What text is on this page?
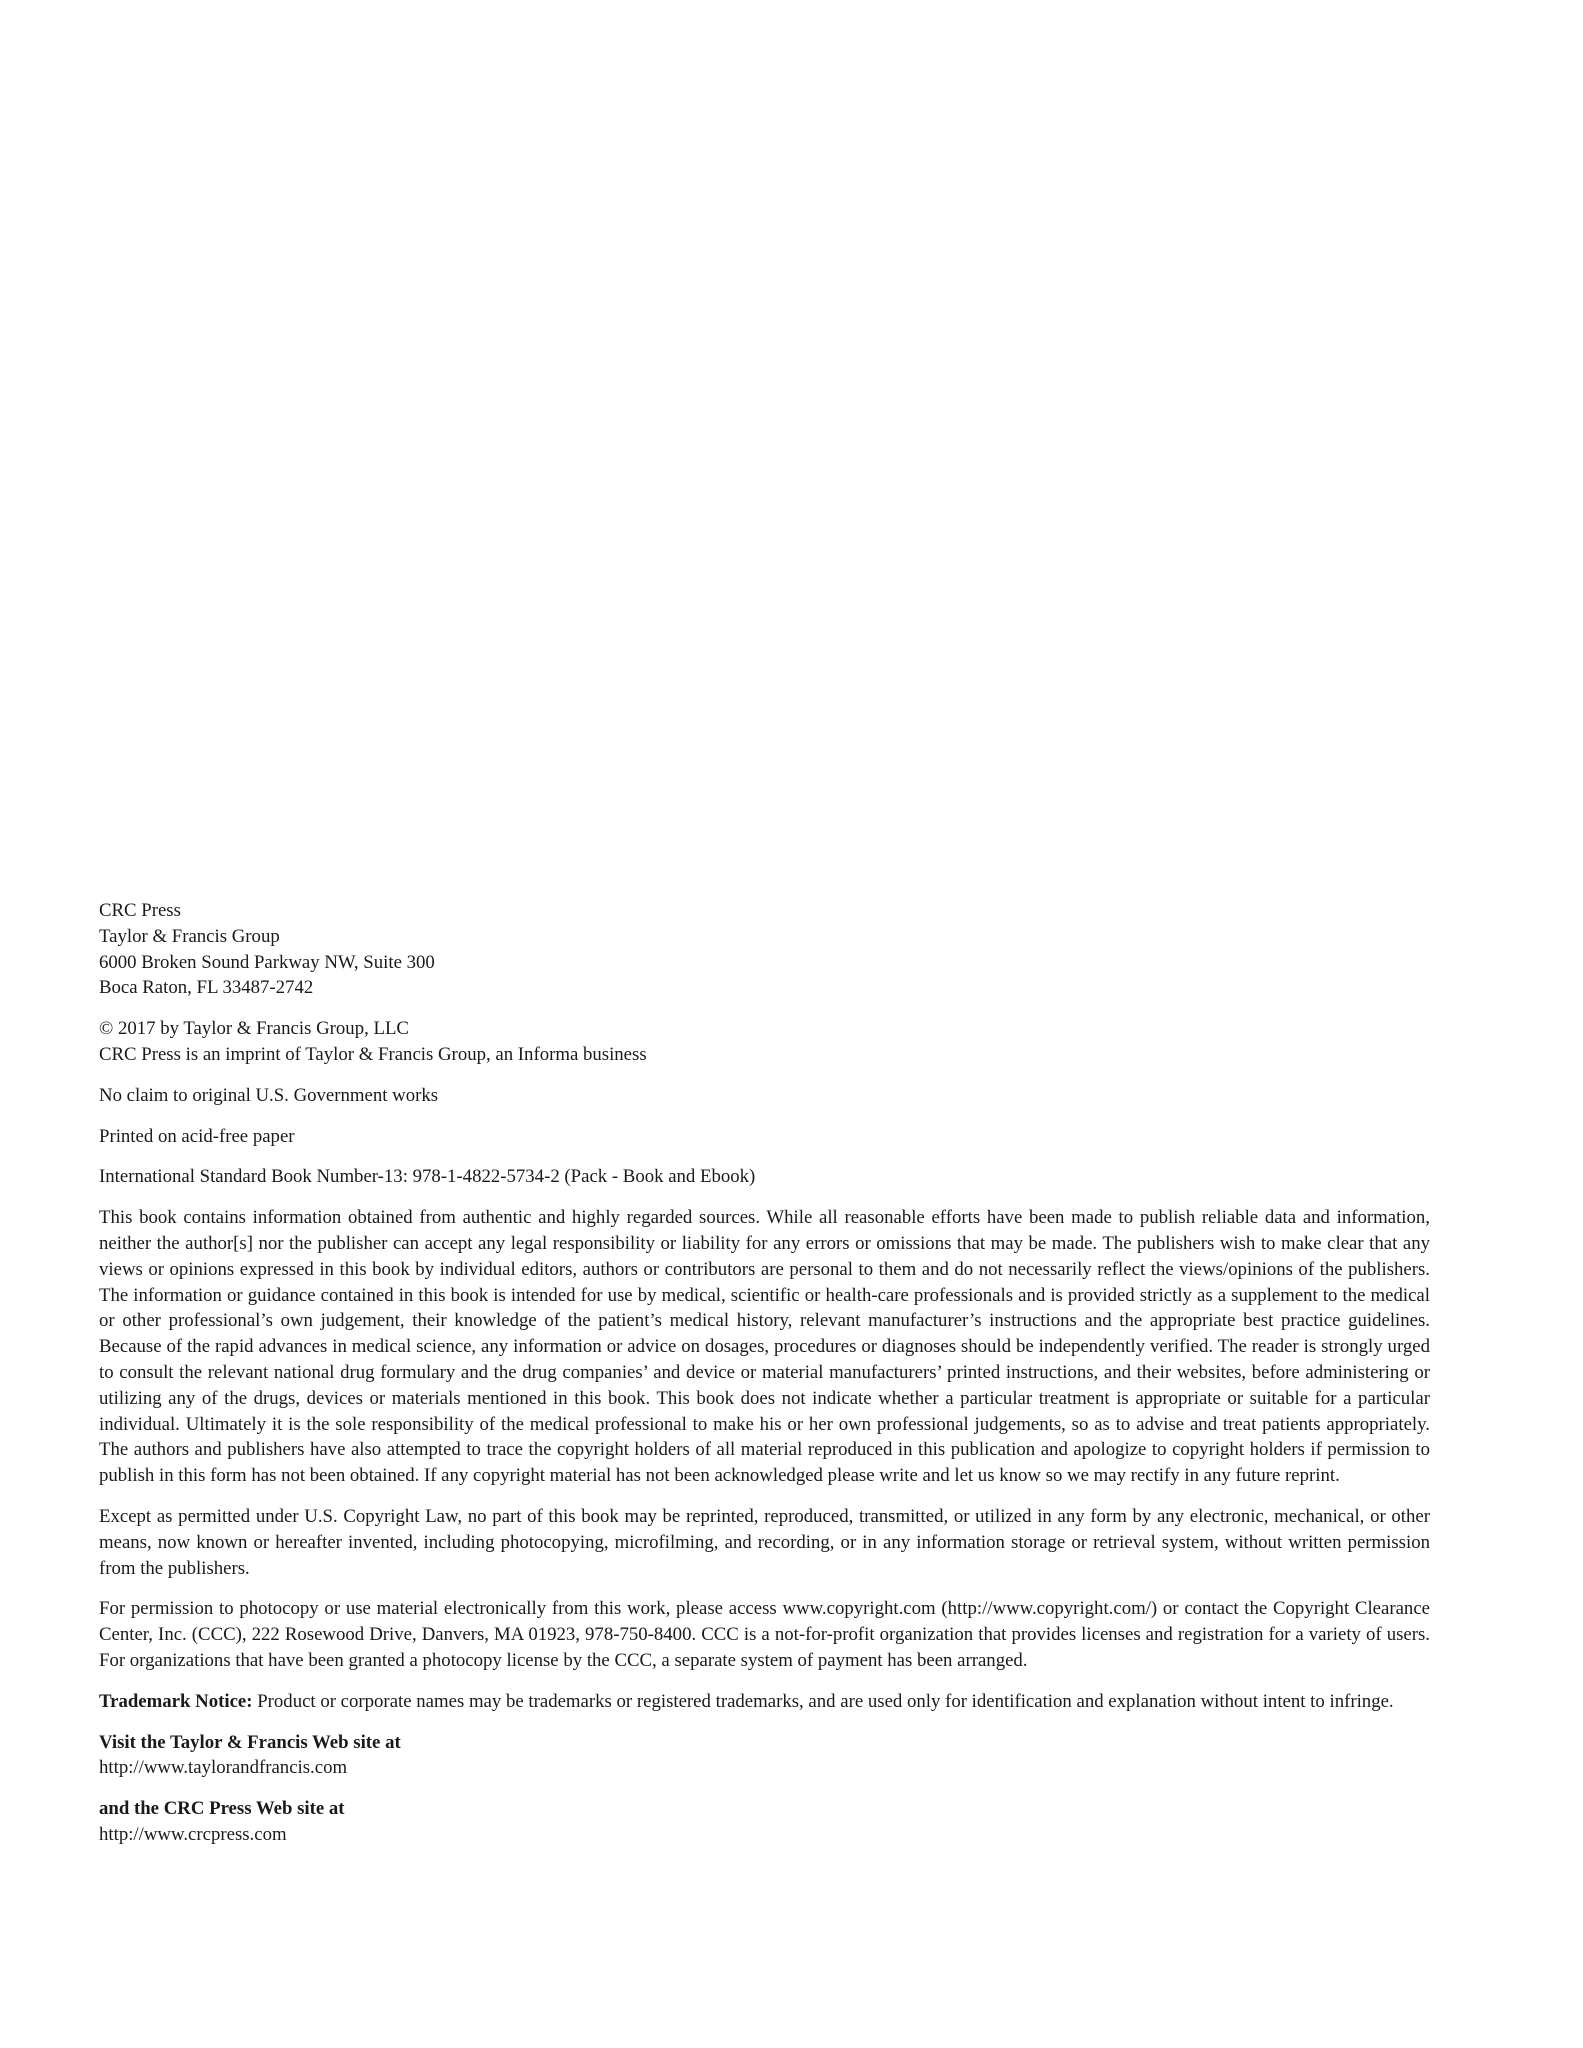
CRC Press
Taylor & Francis Group
6000 Broken Sound Parkway NW, Suite 300
Boca Raton, FL 33487-2742

© 2017 by Taylor & Francis Group, LLC
CRC Press is an imprint of Taylor & Francis Group, an Informa business

No claim to original U.S. Government works

Printed on acid-free paper

International Standard Book Number-13: 978-1-4822-5734-2 (Pack - Book and Ebook)

This book contains information obtained from authentic and highly regarded sources. While all reasonable efforts have been made to publish reliable data and information, neither the author[s] nor the publisher can accept any legal responsibility or liability for any errors or omissions that may be made. The publishers wish to make clear that any views or opinions expressed in this book by individual editors, authors or contributors are personal to them and do not necessarily reflect the views/opinions of the publishers. The information or guidance contained in this book is intended for use by medical, scientific or health-care professionals and is provided strictly as a supplement to the medical or other professional’s own judgement, their knowledge of the patient’s medical history, relevant manufacturer’s instructions and the appropriate best practice guidelines. Because of the rapid advances in medical science, any information or advice on dosages, procedures or diagnoses should be independently verified. The reader is strongly urged to consult the relevant national drug formulary and the drug companies’ and device or material manufacturers’ printed instructions, and their websites, before administering or utilizing any of the drugs, devices or materials mentioned in this book. This book does not indicate whether a particular treatment is appropriate or suitable for a particular individual. Ultimately it is the sole responsibility of the medical professional to make his or her own professional judgements, so as to advise and treat patients appropriately. The authors and publishers have also attempted to trace the copyright holders of all material reproduced in this publication and apologize to copyright holders if permission to publish in this form has not been obtained. If any copyright material has not been acknowledged please write and let us know so we may rectify in any future reprint.

Except as permitted under U.S. Copyright Law, no part of this book may be reprinted, reproduced, transmitted, or utilized in any form by any electronic, mechanical, or other means, now known or hereafter invented, including photocopying, microfilming, and recording, or in any information storage or retrieval system, without written permission from the publishers.

For permission to photocopy or use material electronically from this work, please access www.copyright.com (http://www.copyright.com/) or contact the Copyright Clearance Center, Inc. (CCC), 222 Rosewood Drive, Danvers, MA 01923, 978-750-8400. CCC is a not-for-profit organization that provides licenses and registration for a variety of users. For organizations that have been granted a photocopy license by the CCC, a separate system of payment has been arranged.

Trademark Notice: Product or corporate names may be trademarks or registered trademarks, and are used only for identification and explanation without intent to infringe.

Visit the Taylor & Francis Web site at
http://www.taylorandfrancis.com

and the CRC Press Web site at
http://www.crcpress.com
